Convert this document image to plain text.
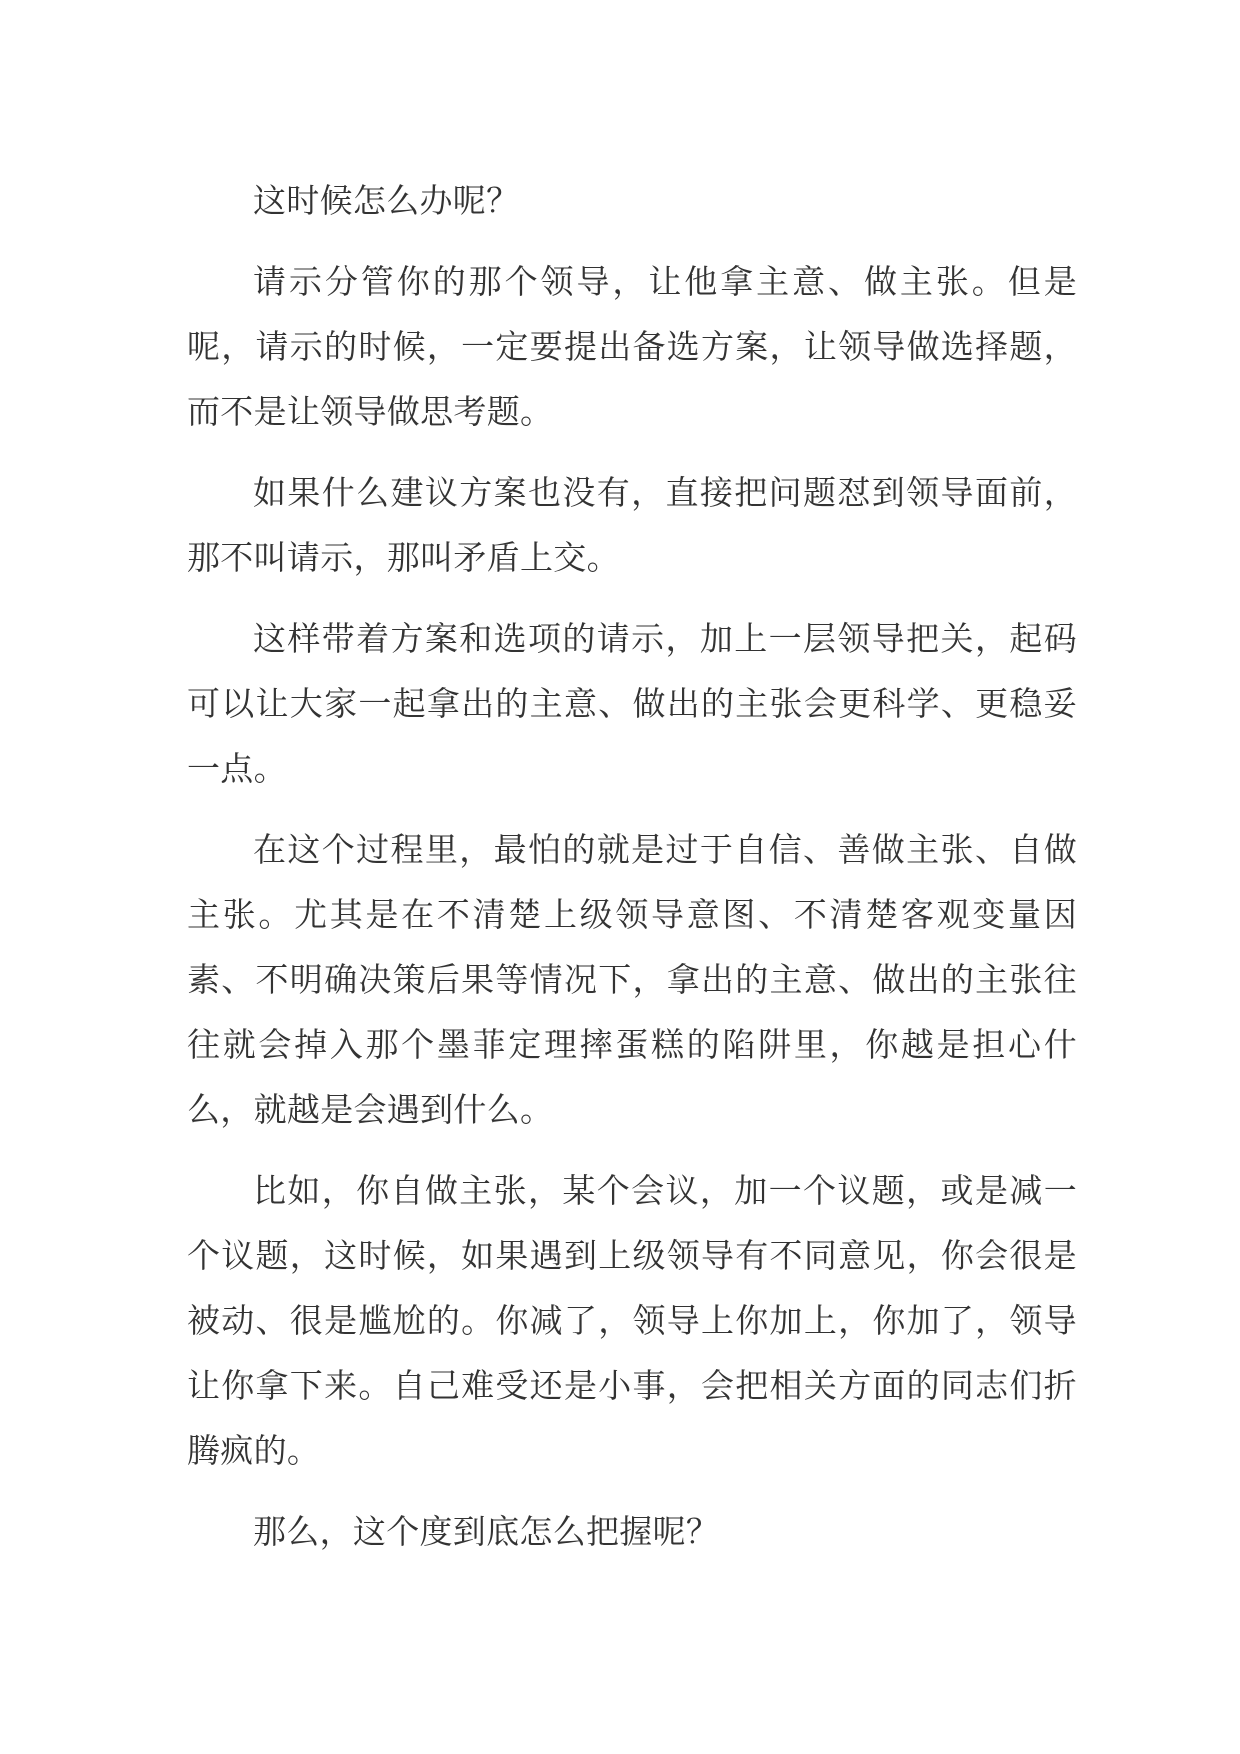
这时候怎么办呢？

请示分管你的那个领导，让他拿主意、做主张。但是呢，请示的时候，一定要提出备选方案，让领导做选择题，而不是让领导做思考题。

如果什么建议方案也没有，直接把问题怼到领导面前，那不叫请示，那叫矛盾上交。

这样带着方案和选项的请示，加上一层领导把关，起码可以让大家一起拿出的主意、做出的主张会更科学、更稳妥一点。

在这个过程里，最怕的就是过于自信、善做主张、自做主张。尤其是在不清楚上级领导意图、不清楚客观变量因素、不明确决策后果等情况下，拿出的主意、做出的主张往往就会掉入那个墨菲定理摔蛋糕的陷阱里，你越是担心什么，就越是会遇到什么。

比如，你自做主张，某个会议，加一个议题，或是减一个议题，这时候，如果遇到上级领导有不同意见，你会很是被动、很是尴尬的。你减了，领导上你加上，你加了，领导让你拿下来。自己难受还是小事，会把相关方面的同志们折腾疯的。

那么，这个度到底怎么把握呢？
